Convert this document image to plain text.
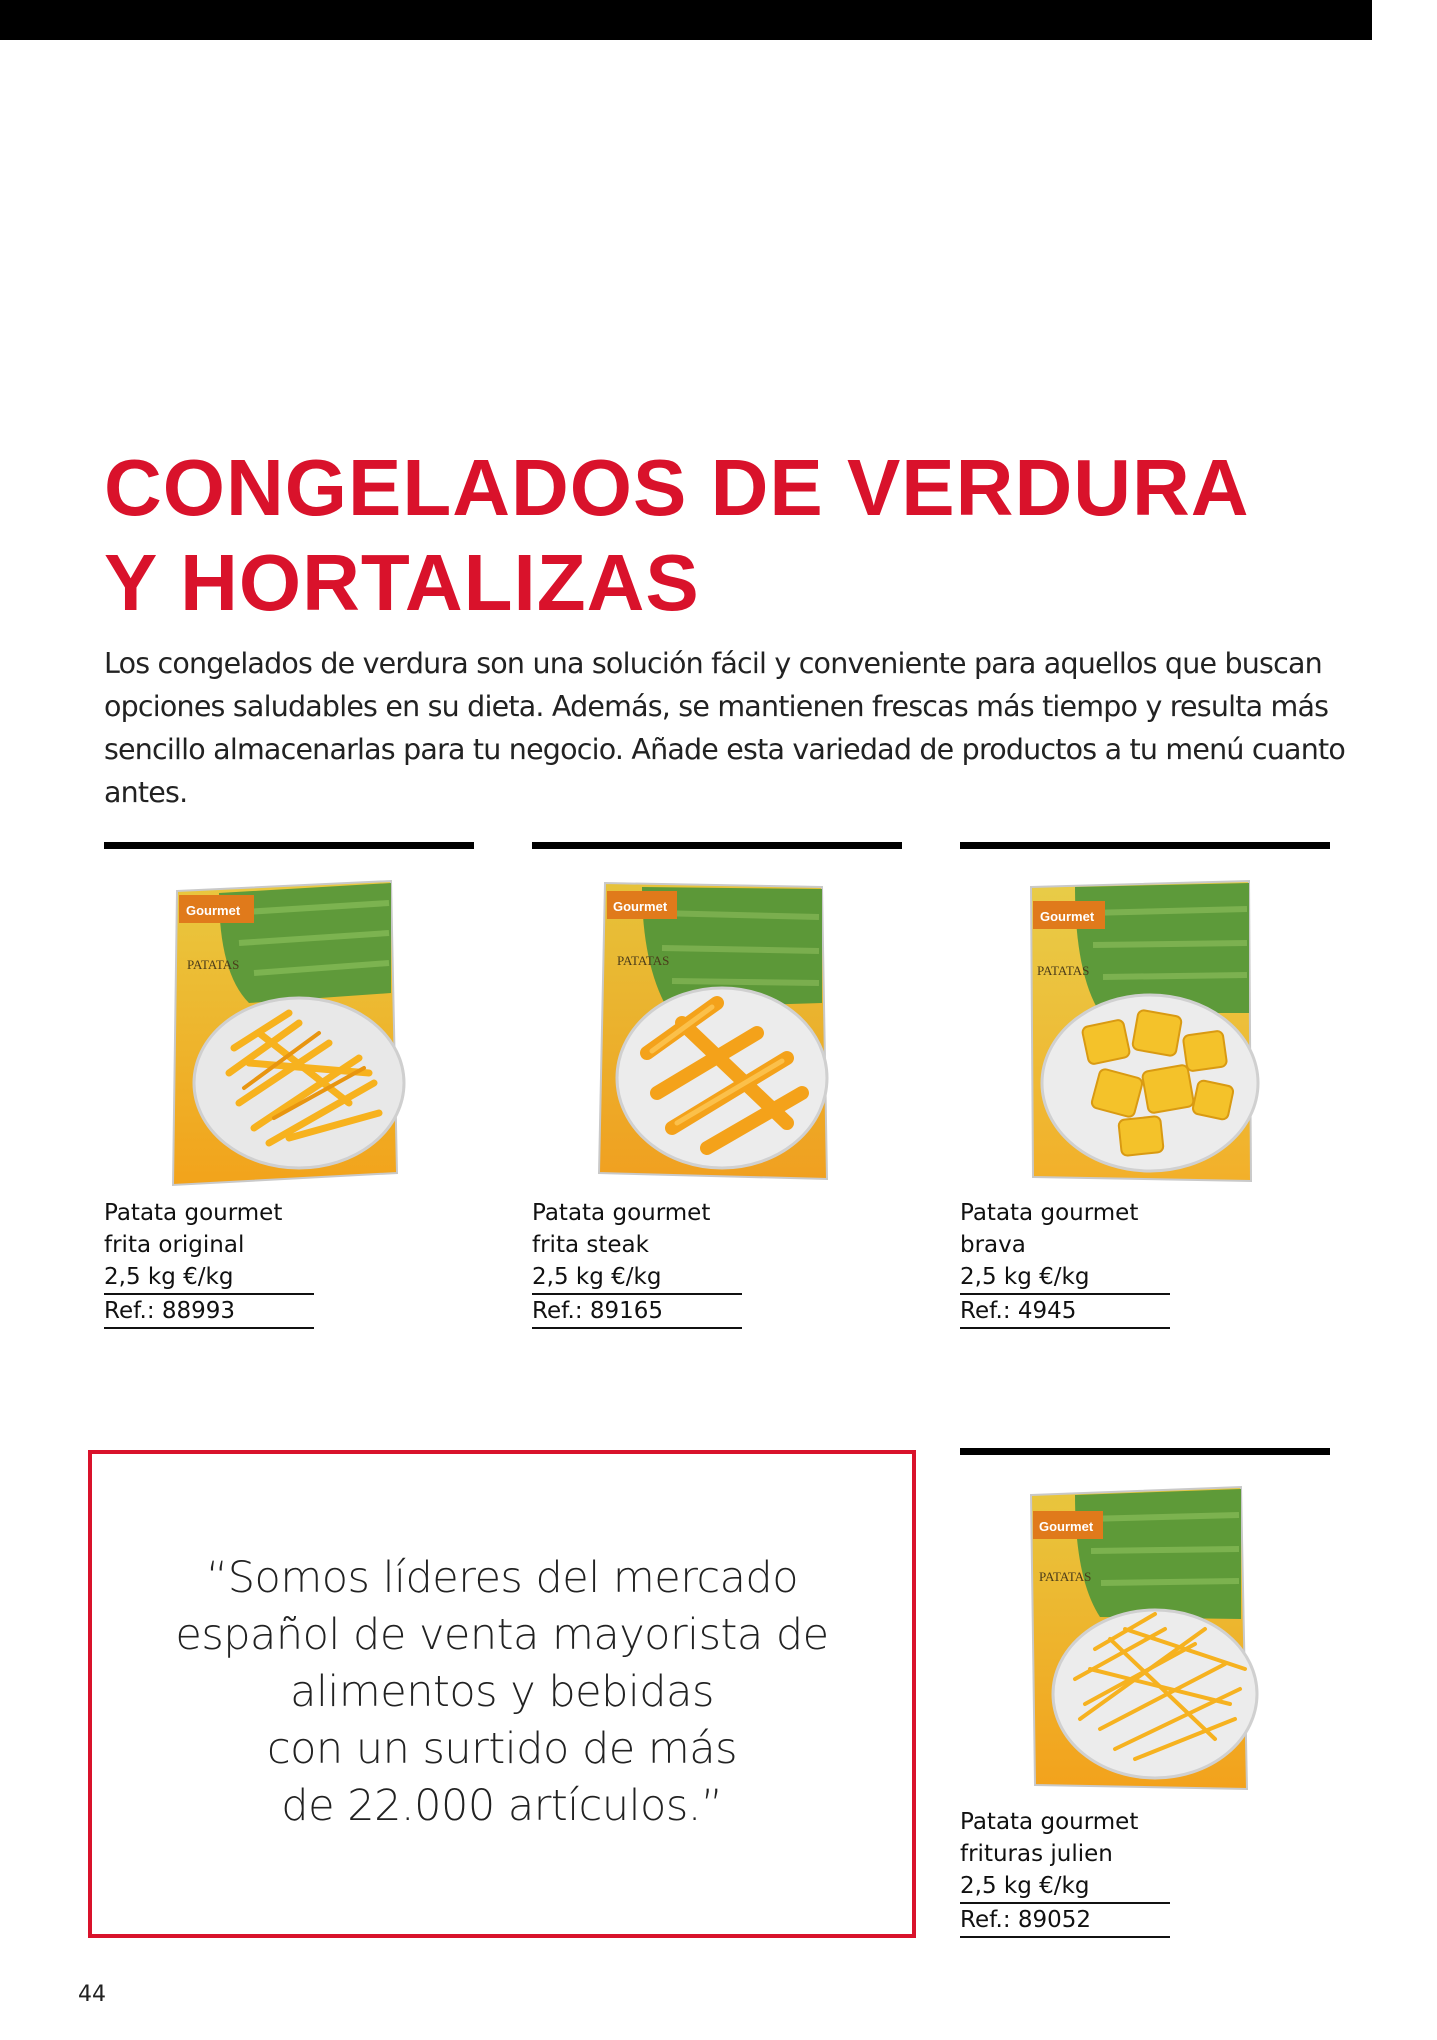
CONGELADOS DE VERDURA
Y HORTALIZAS

Los congelados de verdura son una solución fácil y conveniente para aquellos que buscan opciones saludables en su dieta. Además, se mantienen frescas más tiempo y resulta más sencillo almacenarlas para tu negocio. Añade esta variedad de productos a tu menú cuanto antes.

Gourmet
PATATAS
Patata gourmet
frita original
2,5 kg €/kg
Ref.: 88993
Gourmet
PATATAS
Patata gourmet
frita steak
2,5 kg €/kg
Ref.: 89165
Gourmet
PATATAS
Patata gourmet
brava
2,5 kg €/kg
Ref.: 4945
“Somos líderes del mercado
español de venta mayorista de
alimentos y bebidas
con un surtido de más
de 22.000 artículos.”
Gourmet
PATATAS
Patata gourmet
frituras julien
2,5 kg €/kg
Ref.: 89052
44
